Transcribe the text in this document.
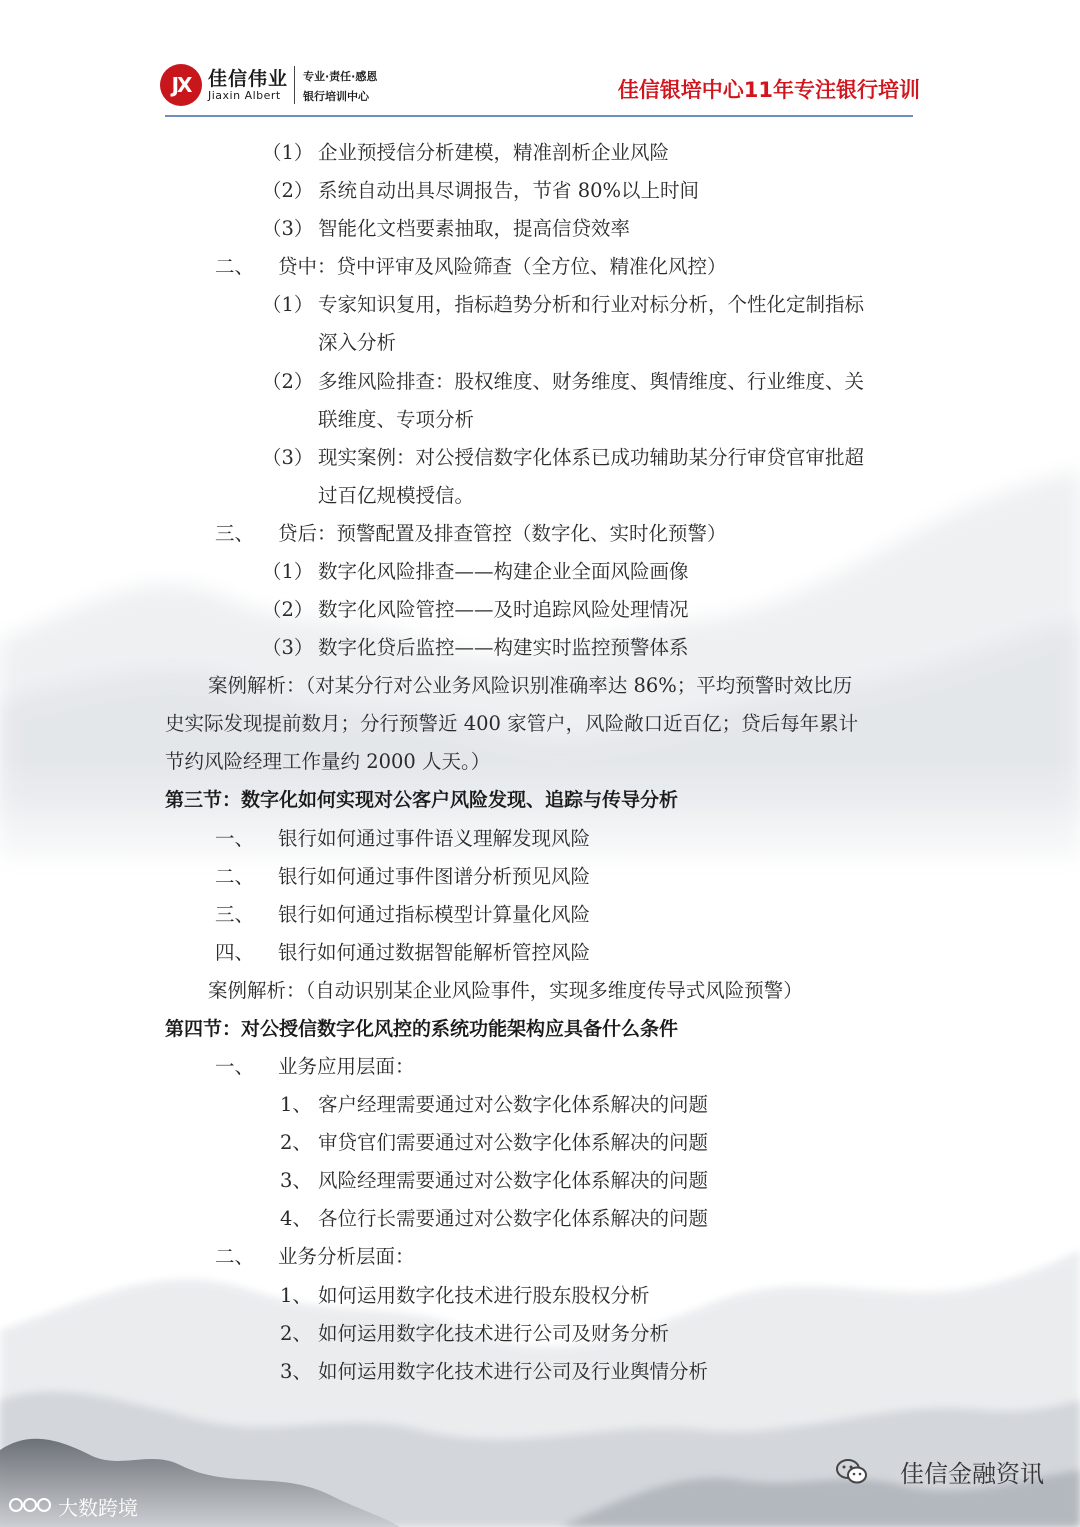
JX 佳信伟业
Jiaxin Albert
专业·责任·感恩
银行培训中心	佳信银培中心11年专注银行培训
（1） 企业预授信分析建模，精准剖析企业风险
（2） 系统自动出具尽调报告，节省 80%以上时间
（3） 智能化文档要素抽取，提高信贷效率
二、 贷中：贷中评审及风险筛查（全方位、精准化风控）
（1） 专家知识复用，指标趋势分析和行业对标分析，个性化定制指标
深入分析
（2） 多维风险排查：股权维度、财务维度、舆情维度、行业维度、关
联维度、专项分析
（3） 现实案例：对公授信数字化体系已成功辅助某分行审贷官审批超
过百亿规模授信。
三、 贷后：预警配置及排查管控（数字化、实时化预警）
（1） 数字化风险排查——构建企业全面风险画像
（2） 数字化风险管控——及时追踪风险处理情况
（3） 数字化贷后监控——构建实时监控预警体系
案例解析：（对某分行对公业务风险识别准确率达 86%；平均预警时效比历
史实际发现提前数月；分行预警近 400 家管户，风险敞口近百亿；贷后每年累计
节约风险经理工作量约 2000 人天。）
第三节：数字化如何实现对公客户风险发现、追踪与传导分析
一、 银行如何通过事件语义理解发现风险
二、 银行如何通过事件图谱分析预见风险
三、 银行如何通过指标模型计算量化风险
四、 银行如何通过数据智能解析管控风险
案例解析：（自动识别某企业风险事件，实现多维度传导式风险预警）
第四节：对公授信数字化风控的系统功能架构应具备什么条件
一、 业务应用层面：
1、 客户经理需要通过对公数字化体系解决的问题
2、 审贷官们需要通过对公数字化体系解决的问题
3、 风险经理需要通过对公数字化体系解决的问题
4、 各位行长需要通过对公数字化体系解决的问题
二、 业务分析层面：
1、 如何运用数字化技术进行股东股权分析
2、 如何运用数字化技术进行公司及财务分析
3、 如何运用数字化技术进行公司及行业舆情分析
佳信金融资讯
大数跨境
